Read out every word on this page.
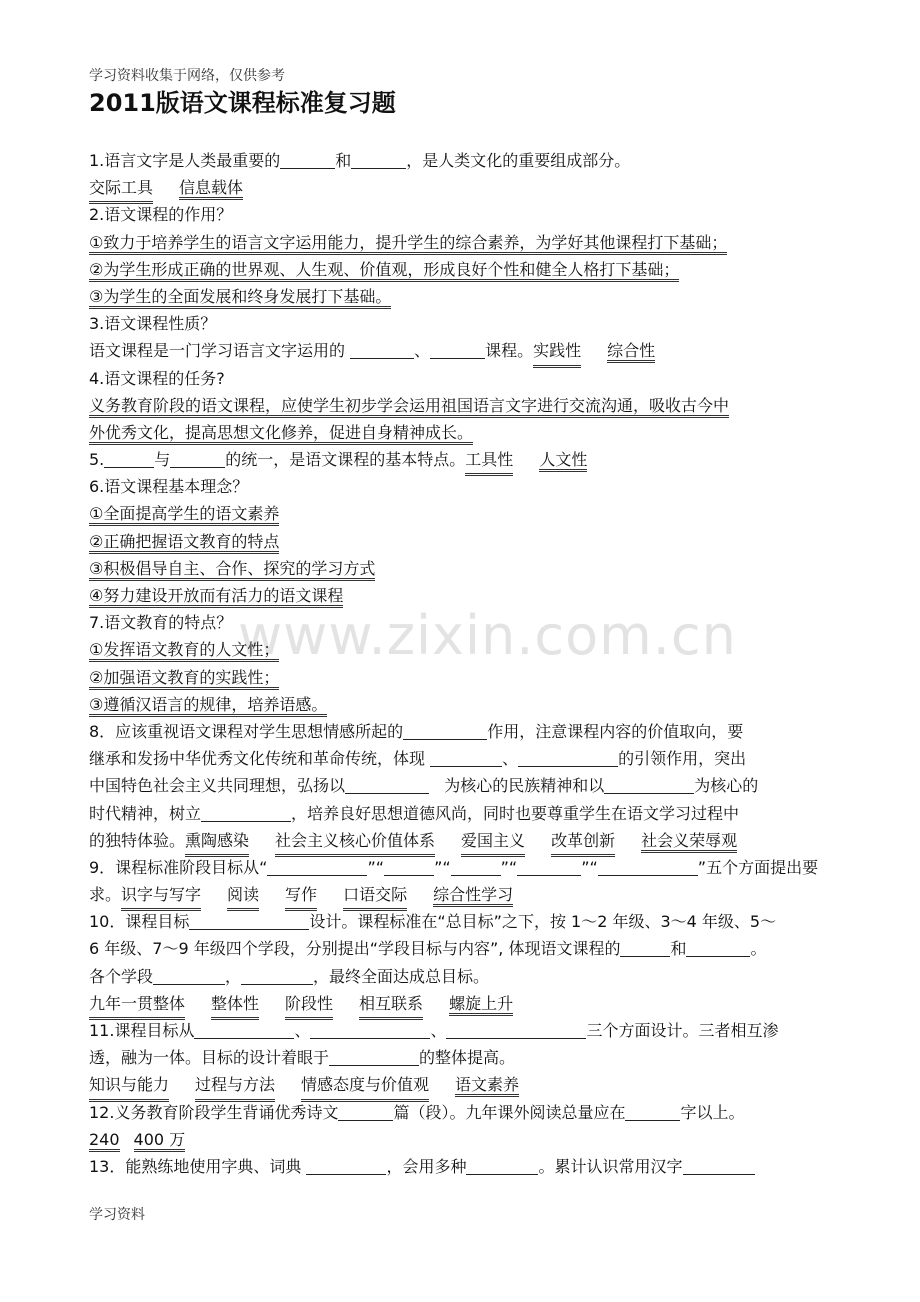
学习资料收集于网络，仅供参考
2011版语文课程标准复习题
www.zixin.com.cn
1.语言文字是人类最重要的	和	，是人类文化的重要组成部分。
交际工具 信息载体
2.语文课程的作用？
①致力于培养学生的语言文字运用能力，提升学生的综合素养，为学好其他课程打下基础；
②为学生形成正确的世界观、人生观、价值观，形成良好个性和健全人格打下基础；
③为学生的全面发展和终身发展打下基础。
3.语文课程性质？
语文课程是一门学习语言文字运用的	、	课程。实践性 综合性
4.语文课程的任务?
义务教育阶段的语文课程，应使学生初步学会运用祖国语言文字进行交流沟通，吸收古今中
外优秀文化，提高思想文化修养，促进自身精神成长。
5.	与	的统一，是语文课程的基本特点。工具性 人文性
6.语文课程基本理念？
①全面提高学生的语文素养
②正确把握语文教育的特点
③积极倡导自主、合作、探究的学习方式
④努力建设开放而有活力的语文课程
7.语文教育的特点？
①发挥语文教育的人文性；
②加强语文教育的实践性；
③遵循汉语言的规律，培养语感。
8．应该重视语文课程对学生思想情感所起的	作用，注意课程内容的价值取向，要
继承和发扬中华优秀文化传统和革命传统，体现	、	的引领作用，突出
中国特色社会主义共同理想，弘扬以	为核心的民族精神和以	为核心的
时代精神，树立	，培养良好思想道德风尚，同时也要尊重学生在语文学习过程中
的独特体验。熏陶感染 社会主义核心价值体系 爱国主义 改革创新 社会义荣辱观
9．课程标准阶段目标从“	”“	”“	”“	”“	”五个方面提出要
求。识字与写字 阅读 写作 口语交际 综合性学习
10．课程目标	设计。课程标准在“总目标”之下，按 1～2 年级、3～4 年级、5～
6 年级、7～9 年级四个学段，分别提出“学段目标与内容”, 体现语文课程的	和	。
各个学段	，	，最终全面达成总目标。
九年一贯整体 整体性 阶段性 相互联系 螺旋上升
11.课程目标从	、	、	三个方面设计。三者相互渗
透，融为一体。目标的设计着眼于	的整体提高。
知识与能力 过程与方法 情感态度与价值观 语文素养
12.义务教育阶段学生背诵优秀诗文	篇（段）。九年课外阅读总量应在	字以上。
240 400 万
13．能熟练地使用字典、词典	，会用多种	。累计认识常用汉字
学习资料
